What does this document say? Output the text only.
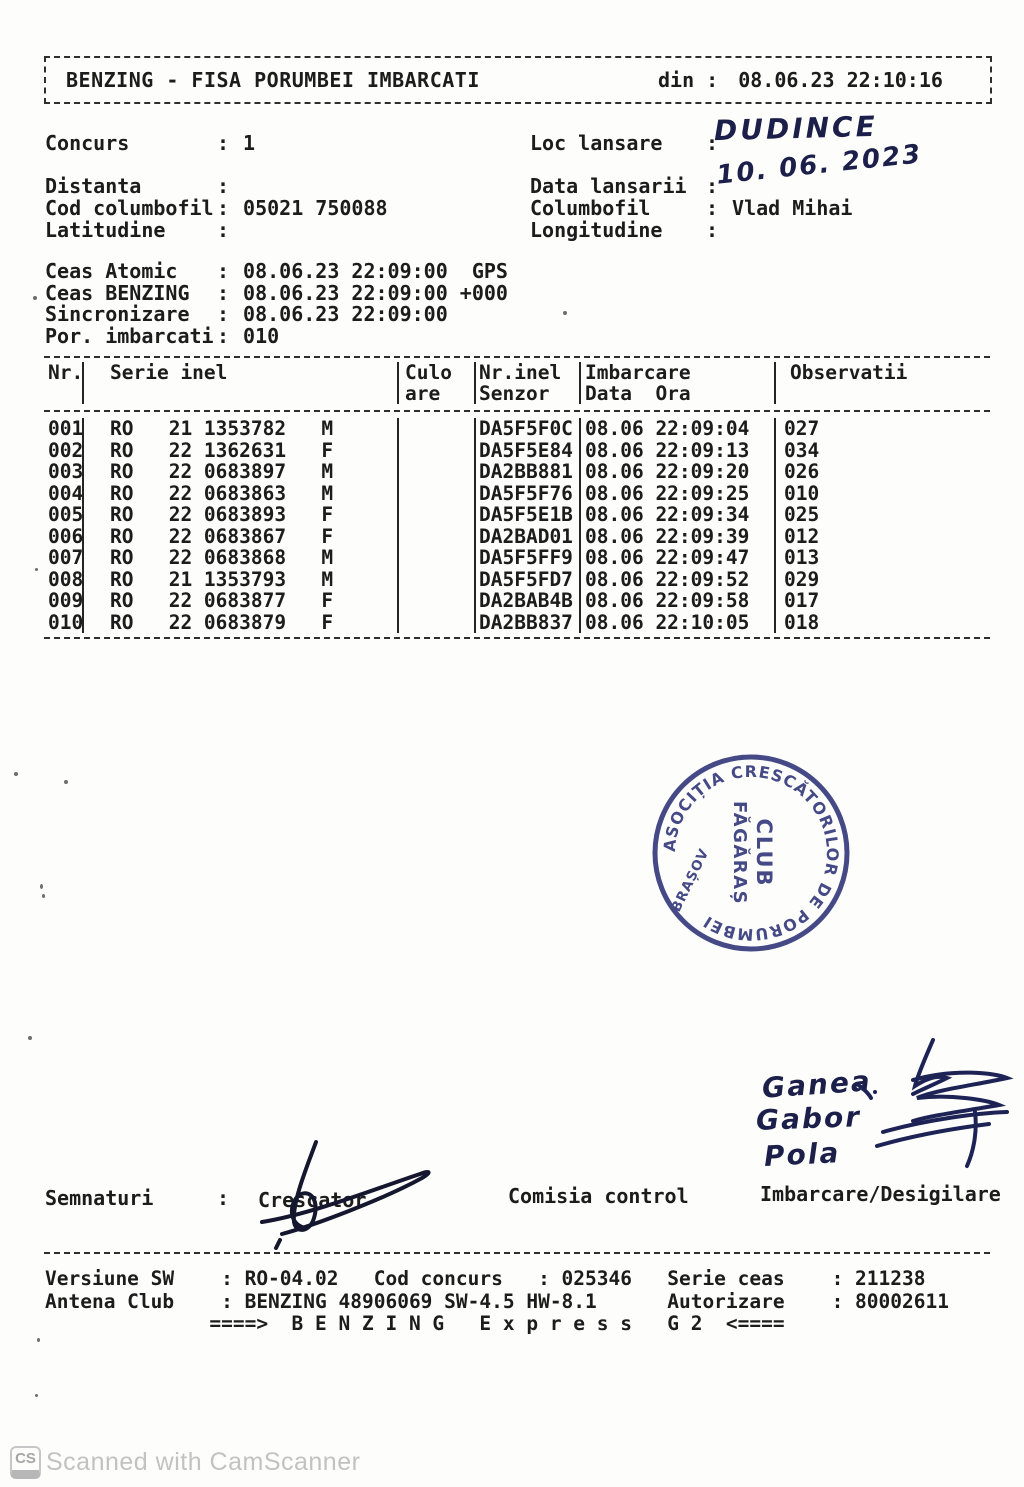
BENZING - FISA PORUMBEI IMBARCATI	din : 08.06.23 22:10:16
Concurs	: 1
Distanta	:
Cod columbofil : 05021 750088
Latitudine	:
Loc lansare	:
Data lansarii :
Columbofil	: Vlad Mihai
Longitudine	:
DUDINCE
10. 06. 2023
Ceas Atomic	: 08.06.23 22:09:00  GPS
Ceas BENZING	: 08.06.23 22:09:00 +000
Sincronizare	: 08.06.23 22:09:00
Por. imbarcati : 010
Nr.	Serie inel	Culo	Nr.inel	Imbarcare	Observatii
are	Senzor	Data  Ora
001	RO   21 1353782   M	DA5F5F0C 08.06 22:09:04	027
002	RO   22 1362631   F	DA5F5E84 08.06 22:09:13	034
003	RO   22 0683897   M	DA2BB881 08.06 22:09:20	026
004	RO   22 0683863   M	DA5F5F76 08.06 22:09:25	010
005	RO   22 0683893   F	DA5F5E1B 08.06 22:09:34	025
006	RO   22 0683867   F	DA2BAD01 08.06 22:09:39	012
007	RO   22 0683868   M	DA5F5FF9 08.06 22:09:47	013
008	RO   21 1353793   M	DA5F5FD7 08.06 22:09:52	029
009	RO   22 0683877   F	DA2BAB4B 08.06 22:09:58	017
010	RO   22 0683879   F	DA2BB837 08.06 22:10:05	018
ASOCIȚIA CRESCĂTORILOR DE PORUMBEI
BRAȘOV CLUB
FĂGĂRAȘ
Ganea
Gabor
Pola
Semnaturi	: Crescator	Comisia control	Imbarcare/Desigilare
Versiune SW    : RO-04.02   Cod concurs   : 025346   Serie ceas    : 211238
Antena Club    : BENZING 48906069 SW-4.5 HW-8.1      Autorizare    : 80002611
====>  B E N Z I N G   E x p r e s s   G 2  <====
CS Scanned with CamScanner
